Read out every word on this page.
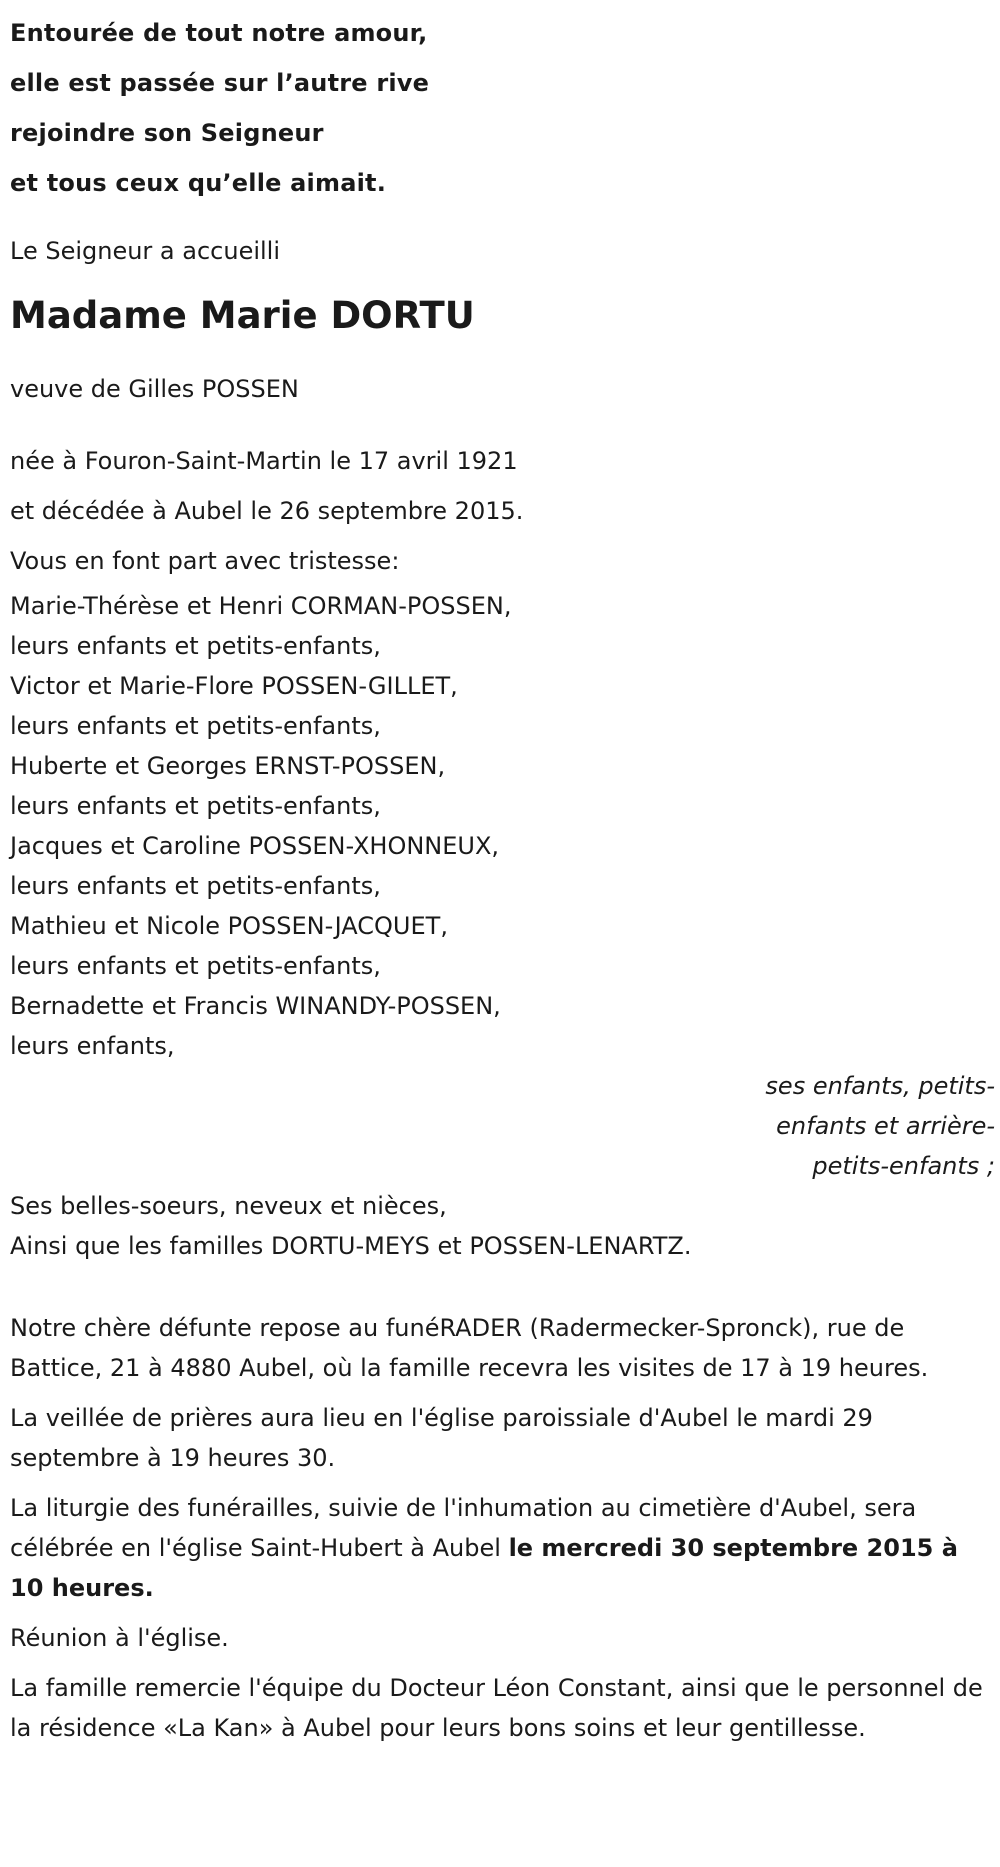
Entourée de tout notre amour,
elle est passée sur l’autre rive
rejoindre son Seigneur
et tous ceux qu’elle aimait.
Le Seigneur a accueilli
Madame Marie DORTU
veuve de Gilles POSSEN
née à Fouron-Saint-Martin le 17 avril 1921
et décédée à Aubel le 26 septembre 2015.
Vous en font part avec tristesse:
Marie-Thérèse et Henri CORMAN-POSSEN,
leurs enfants et petits-enfants,
Victor et Marie-Flore POSSEN-GILLET,
leurs enfants et petits-enfants,
Huberte et Georges ERNST-POSSEN,
leurs enfants et petits-enfants,
Jacques et Caroline POSSEN-XHONNEUX,
leurs enfants et petits-enfants,
Mathieu et Nicole POSSEN-JACQUET,
leurs enfants et petits-enfants,
Bernadette et Francis WINANDY-POSSEN,
leurs enfants,
ses enfants, petits-enfants et arrière-petits-enfants ;
Ses belles-soeurs, neveux et nièces,
Ainsi que les familles DORTU-MEYS et POSSEN-LENARTZ.
Notre chère défunte repose au funéRADER (Radermecker-Spronck), rue de Battice, 21 à 4880 Aubel, où la famille recevra les visites de 17 à 19 heures.
La veillée de prières aura lieu en l'église paroissiale d'Aubel le mardi 29 septembre à 19 heures 30.
La liturgie des funérailles, suivie de l'inhumation au cimetière d'Aubel, sera célébrée en l'église Saint-Hubert à Aubel le mercredi 30 septembre 2015 à 10 heures.
Réunion à l'église.
La famille remercie l'équipe du Docteur Léon Constant, ainsi que le personnel de la résidence «La Kan» à Aubel pour leurs bons soins et leur gentillesse.
